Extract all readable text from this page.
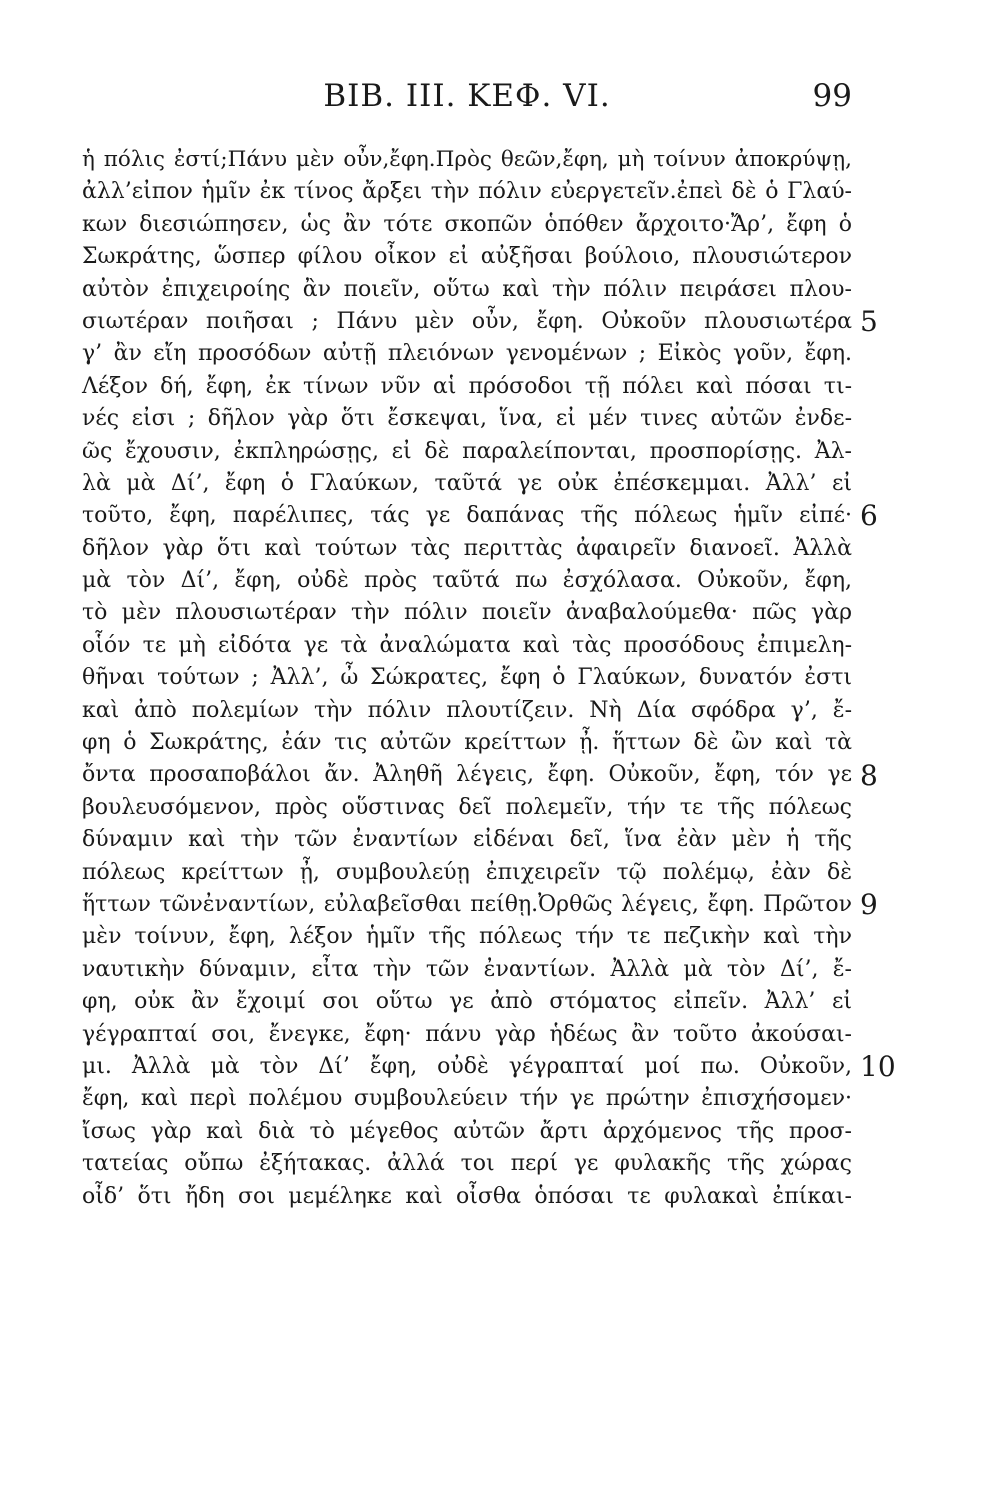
ΒΙΒ. ΙΙΙ. ΚΕΦ. VI.	99
ἡ πόλις ἐστί;Πάνυ μὲν οὖν,ἔφη.Πρὸς θεῶν,ἔφη, μὴ τοίνυν ἀποκρύψῃ,
ἀλλ’εἰπον ἡμῖν ἐκ τίνος ἄρξει τὴν πόλιν εὐεργετεῖν.ἐπεὶ δὲ ὁ Γλαύ-
κων διεσιώπησεν, ὡς ἂν τότε σκοπῶν ὁπόθεν ἄρχοιτο·Ἄρ’, ἔφη ὁ
Σωκράτης, ὥσπερ φίλου οἶκον εἰ αὐξῆσαι βούλοιο, πλουσιώτερον
αὐτὸν ἐπιχειροίης ἂν ποιεῖν, οὕτω καὶ τὴν πόλιν πειράσει πλου-
σιωτέραν ποιῆσαι ; Πάνυ μὲν οὖν, ἔφη. Οὐκοῦν πλουσιωτέρα
γ’ ἂν εἴη προσόδων αὐτῇ πλειόνων γενομένων ; Εἰκὸς γοῦν, ἔφη.
Λέξον δή, ἔφη, ἐκ τίνων νῦν αἱ πρόσοδοι τῇ πόλει καὶ πόσαι τι-
νές εἰσι ; δῆλον γὰρ ὅτι ἔσκεψαι, ἵνα, εἰ μέν τινες αὐτῶν ἐνδε-
ῶς ἔχουσιν, ἐκπληρώσῃς, εἰ δὲ παραλείπονται, προσπορίσῃς. Ἀλ-
λὰ μὰ Δί’, ἔφη ὁ Γλαύκων, ταῦτά γε οὐκ ἐπέσκεμμαι. Ἀλλ’ εἰ
τοῦτο, ἔφη, παρέλιπες, τάς γε δαπάνας τῆς πόλεως ἡμῖν εἰπέ·
δῆλον γὰρ ὅτι καὶ τούτων τὰς περιττὰς ἀφαιρεῖν διανοεῖ. Ἀλλὰ
μὰ τὸν Δί’, ἔφη, οὐδὲ πρὸς ταῦτά πω ἐσχόλασα. Οὐκοῦν, ἔφη,
τὸ μὲν πλουσιωτέραν τὴν πόλιν ποιεῖν ἀναβαλούμεθα· πῶς γὰρ
οἷόν τε μὴ εἰδότα γε τὰ ἀναλώματα καὶ τὰς προσόδους ἐπιμελη-
θῆναι τούτων ; Ἀλλ’, ὦ Σώκρατες, ἔφη ὁ Γλαύκων, δυνατόν ἐστι
καὶ ἀπὸ πολεμίων τὴν πόλιν πλουτίζειν. Νὴ Δία σφόδρα γ’, ἔ-
φη ὁ Σωκράτης, ἐάν τις αὐτῶν κρείττων ᾖ. ἥττων δὲ ὢν καὶ τὰ
ὄντα προσαποβάλοι ἄν. Ἀληθῆ λέγεις, ἔφη. Οὐκοῦν, ἔφη, τόν γε
βουλευσόμενον, πρὸς οὕστινας δεῖ πολεμεῖν, τήν τε τῆς πόλεως
δύναμιν καὶ τὴν τῶν ἐναντίων εἰδέναι δεῖ, ἵνα ἐὰν μὲν ἡ τῆς
πόλεως κρείττων ᾖ, συμβουλεύῃ ἐπιχειρεῖν τῷ πολέμῳ, ἐὰν δὲ
ἥττων τῶνἐναντίων, εὐλαβεῖσθαι πείθῃ.Ὀρθῶς λέγεις, ἔφη. Πρῶτον
μὲν τοίνυν, ἔφη, λέξον ἡμῖν τῆς πόλεως τήν τε πεζικὴν καὶ τὴν
ναυτικὴν δύναμιν, εἶτα τὴν τῶν ἐναντίων. Ἀλλὰ μὰ τὸν Δί’, ἔ-
φη, οὐκ ἂν ἔχοιμί σοι οὕτω γε ἀπὸ στόματος εἰπεῖν. Ἀλλ’ εἰ
γέγραπταί σοι, ἔνεγκε, ἔφη· πάνυ γὰρ ἡδέως ἂν τοῦτο ἀκούσαι-
μι. Ἀλλὰ μὰ τὸν Δί’ ἔφη, οὐδὲ γέγραπταί μοί πω. Οὐκοῦν,
ἔφη, καὶ περὶ πολέμου συμβουλεύειν τήν γε πρώτην ἐπισχήσομεν·
ἴσως γὰρ καὶ διὰ τὸ μέγεθος αὐτῶν ἄρτι ἀρχόμενος τῆς προσ-
τατείας οὔπω ἐξήτακας. ἀλλά τοι περί γε φυλακῆς τῆς χώρας
οἶδ’ ὅτι ἤδη σοι μεμέληκε καὶ οἶσθα ὁπόσαι τε φυλακαὶ ἐπίκαι-
5
6
8
9
10
